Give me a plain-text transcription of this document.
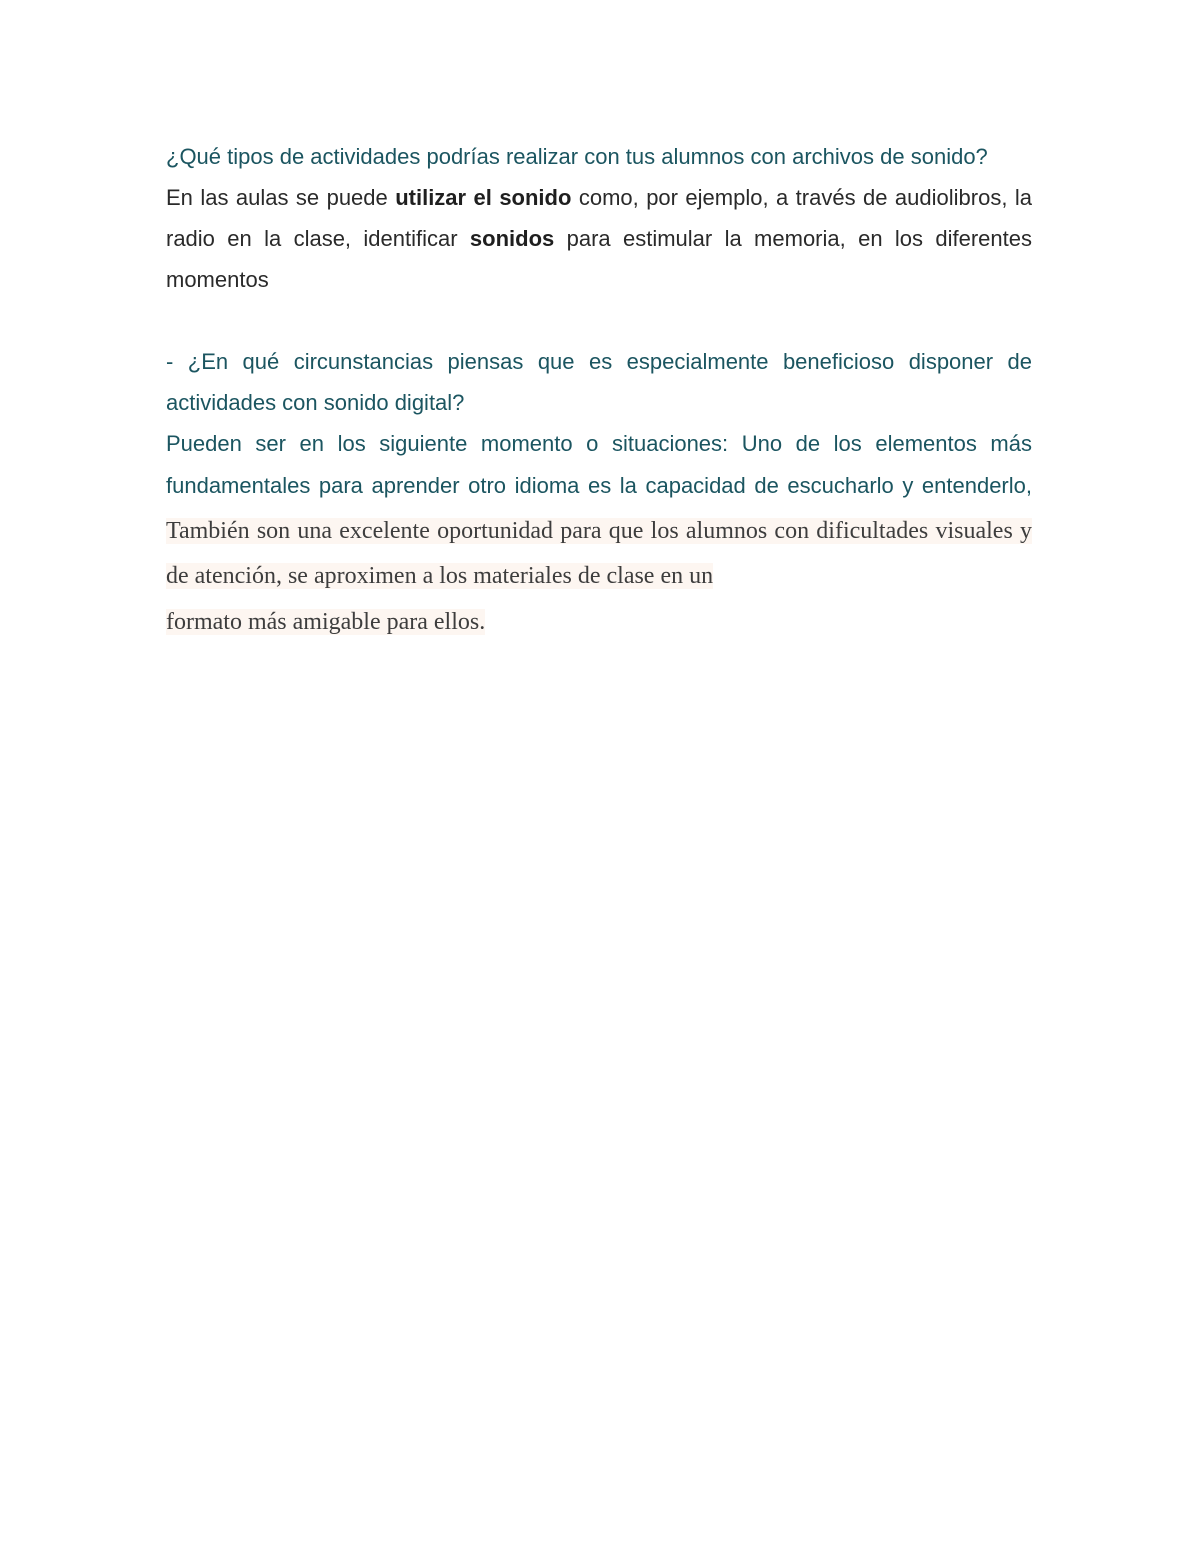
¿Qué tipos de actividades podrías realizar con tus alumnos con archivos de sonido?

En las aulas se puede utilizar el sonido como, por ejemplo, a través de audiolibros, la radio en la clase, identificar sonidos para estimular la memoria, en los diferentes momentos

- ¿En qué circunstancias piensas que es especialmente beneficioso disponer de actividades con sonido digital?

Pueden ser en los siguiente momento o situaciones: Uno de los elementos más fundamentales para aprender otro idioma es la capacidad de escucharlo y entenderlo, También son una excelente oportunidad para que los alumnos con dificultades visuales y de atención, se aproximen a los materiales de clase en un

formato más amigable para ellos.
